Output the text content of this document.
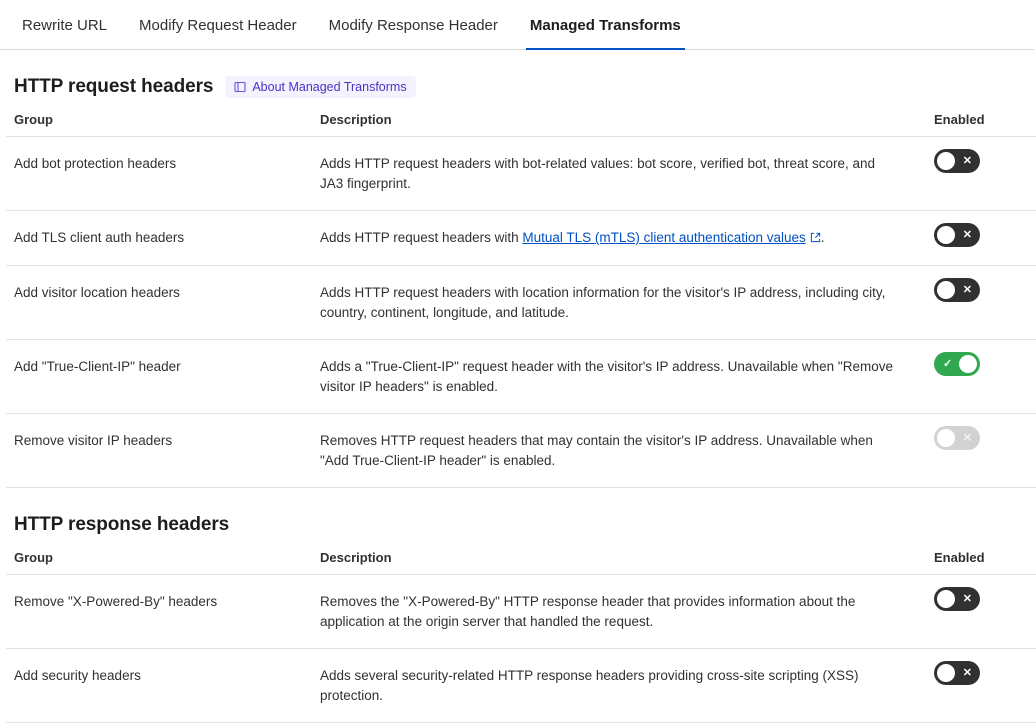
Rewrite URL	Modify Request Header	Modify Response Header	Managed Transforms
HTTP request headers	About Managed Transforms
Group	Description	Enabled
Add bot protection headers	Adds HTTP request headers with bot-related values: bot score, verified bot, threat score, and JA3 fingerprint.	✕

Add TLS client auth headers	Adds HTTP request headers with Mutual TLS (mTLS) client authentication values .	✕

Add visitor location headers	Adds HTTP request headers with location information for the visitor's IP address, including city, country, continent, longitude, and latitude.	✕

Add "True-Client-IP" header	Adds a "True-Client-IP" request header with the visitor's IP address. Unavailable when "Remove visitor IP headers" is enabled.	✓

Remove visitor IP headers	Removes HTTP request headers that may contain the visitor's IP address. Unavailable when "Add True-Client-IP header" is enabled.	✕
HTTP response headers
Group	Description	Enabled
Remove "X-Powered-By" headers	Removes the "X-Powered-By" HTTP response header that provides information about the application at the origin server that handled the request.	✕

Add security headers	Adds several security-related HTTP response headers providing cross-site scripting (XSS) protection.	✕
